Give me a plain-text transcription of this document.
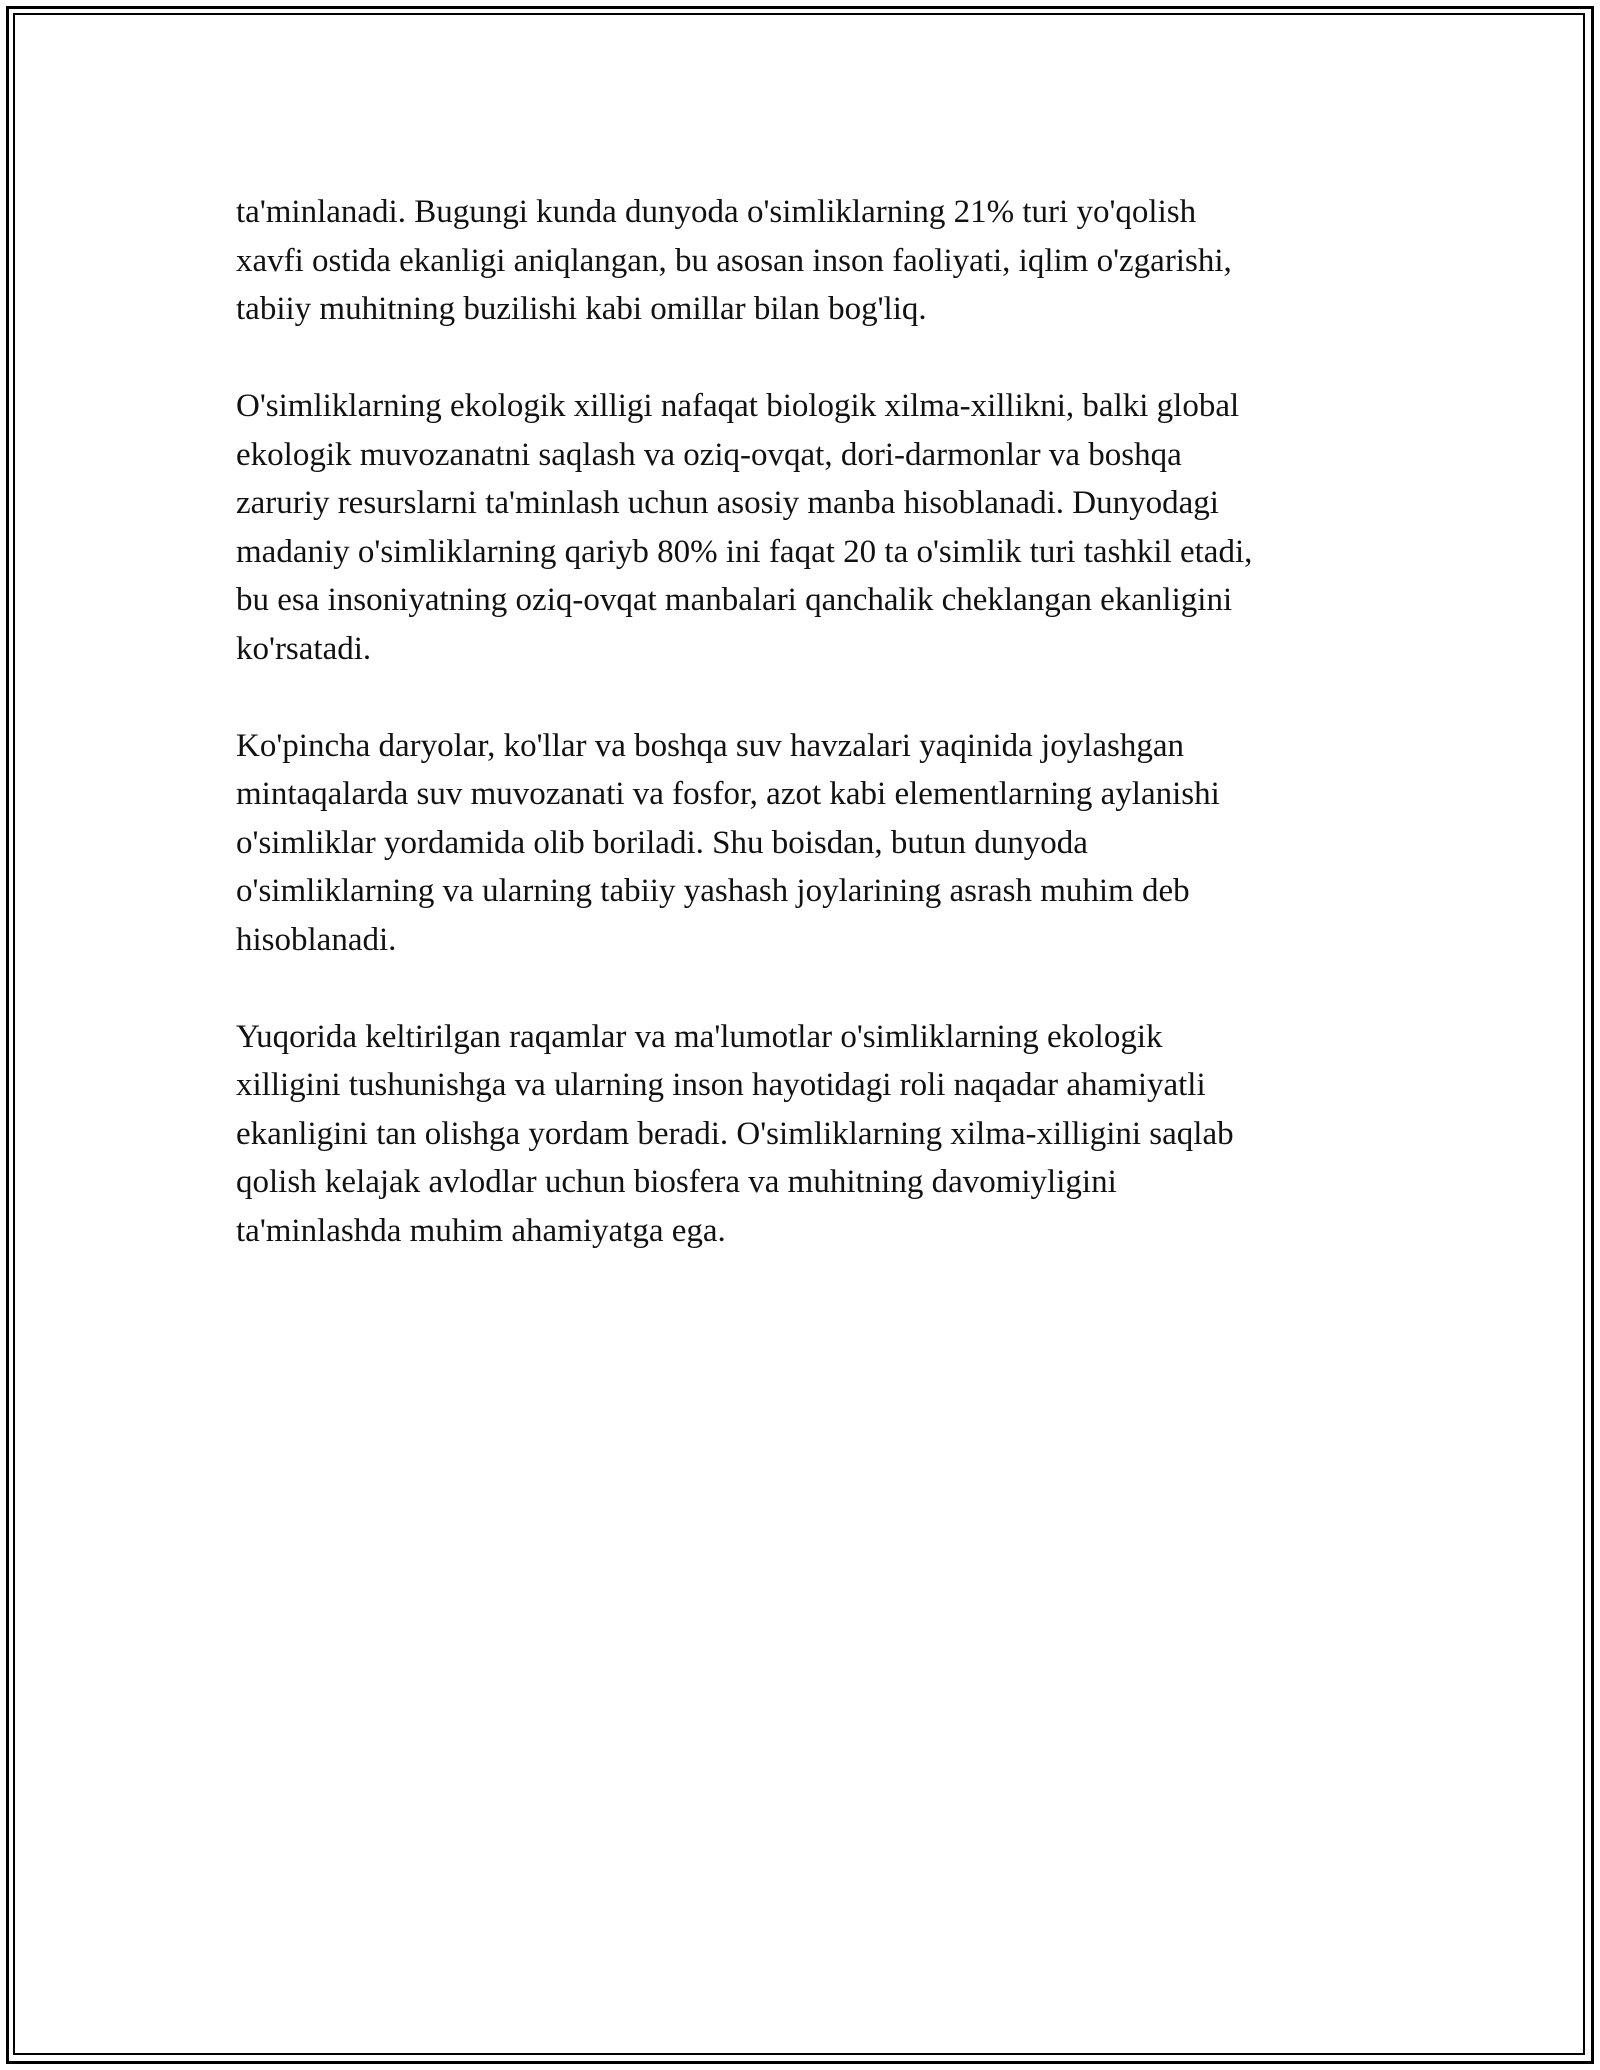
ta'minlanadi. Bugungi kunda dunyoda o'simliklarning 21% turi yo'qolish
xavfi ostida ekanligi aniqlangan, bu asosan inson faoliyati, iqlim o'zgarishi,
tabiiy muhitning buzilishi kabi omillar bilan bog'liq.

O'simliklarning ekologik xilligi nafaqat biologik xilma-xillikni, balki global
ekologik muvozanatni saqlash va oziq-ovqat, dori-darmonlar va boshqa
zaruriy resurslarni ta'minlash uchun asosiy manba hisoblanadi. Dunyodagi
madaniy o'simliklarning qariyb 80% ini faqat 20 ta o'simlik turi tashkil etadi,
bu esa insoniyatning oziq-ovqat manbalari qanchalik cheklangan ekanligini
ko'rsatadi.

Ko'pincha daryolar, ko'llar va boshqa suv havzalari yaqinida joylashgan
mintaqalarda suv muvozanati va fosfor, azot kabi elementlarning aylanishi
o'simliklar yordamida olib boriladi. Shu boisdan, butun dunyoda
o'simliklarning va ularning tabiiy yashash joylarining asrash muhim deb
hisoblanadi.

Yuqorida keltirilgan raqamlar va ma'lumotlar o'simliklarning ekologik
xilligini tushunishga va ularning inson hayotidagi roli naqadar ahamiyatli
ekanligini tan olishga yordam beradi. O'simliklarning xilma-xilligini saqlab
qolish kelajak avlodlar uchun biosfera va muhitning davomiyligini
ta'minlashda muhim ahamiyatga ega.
